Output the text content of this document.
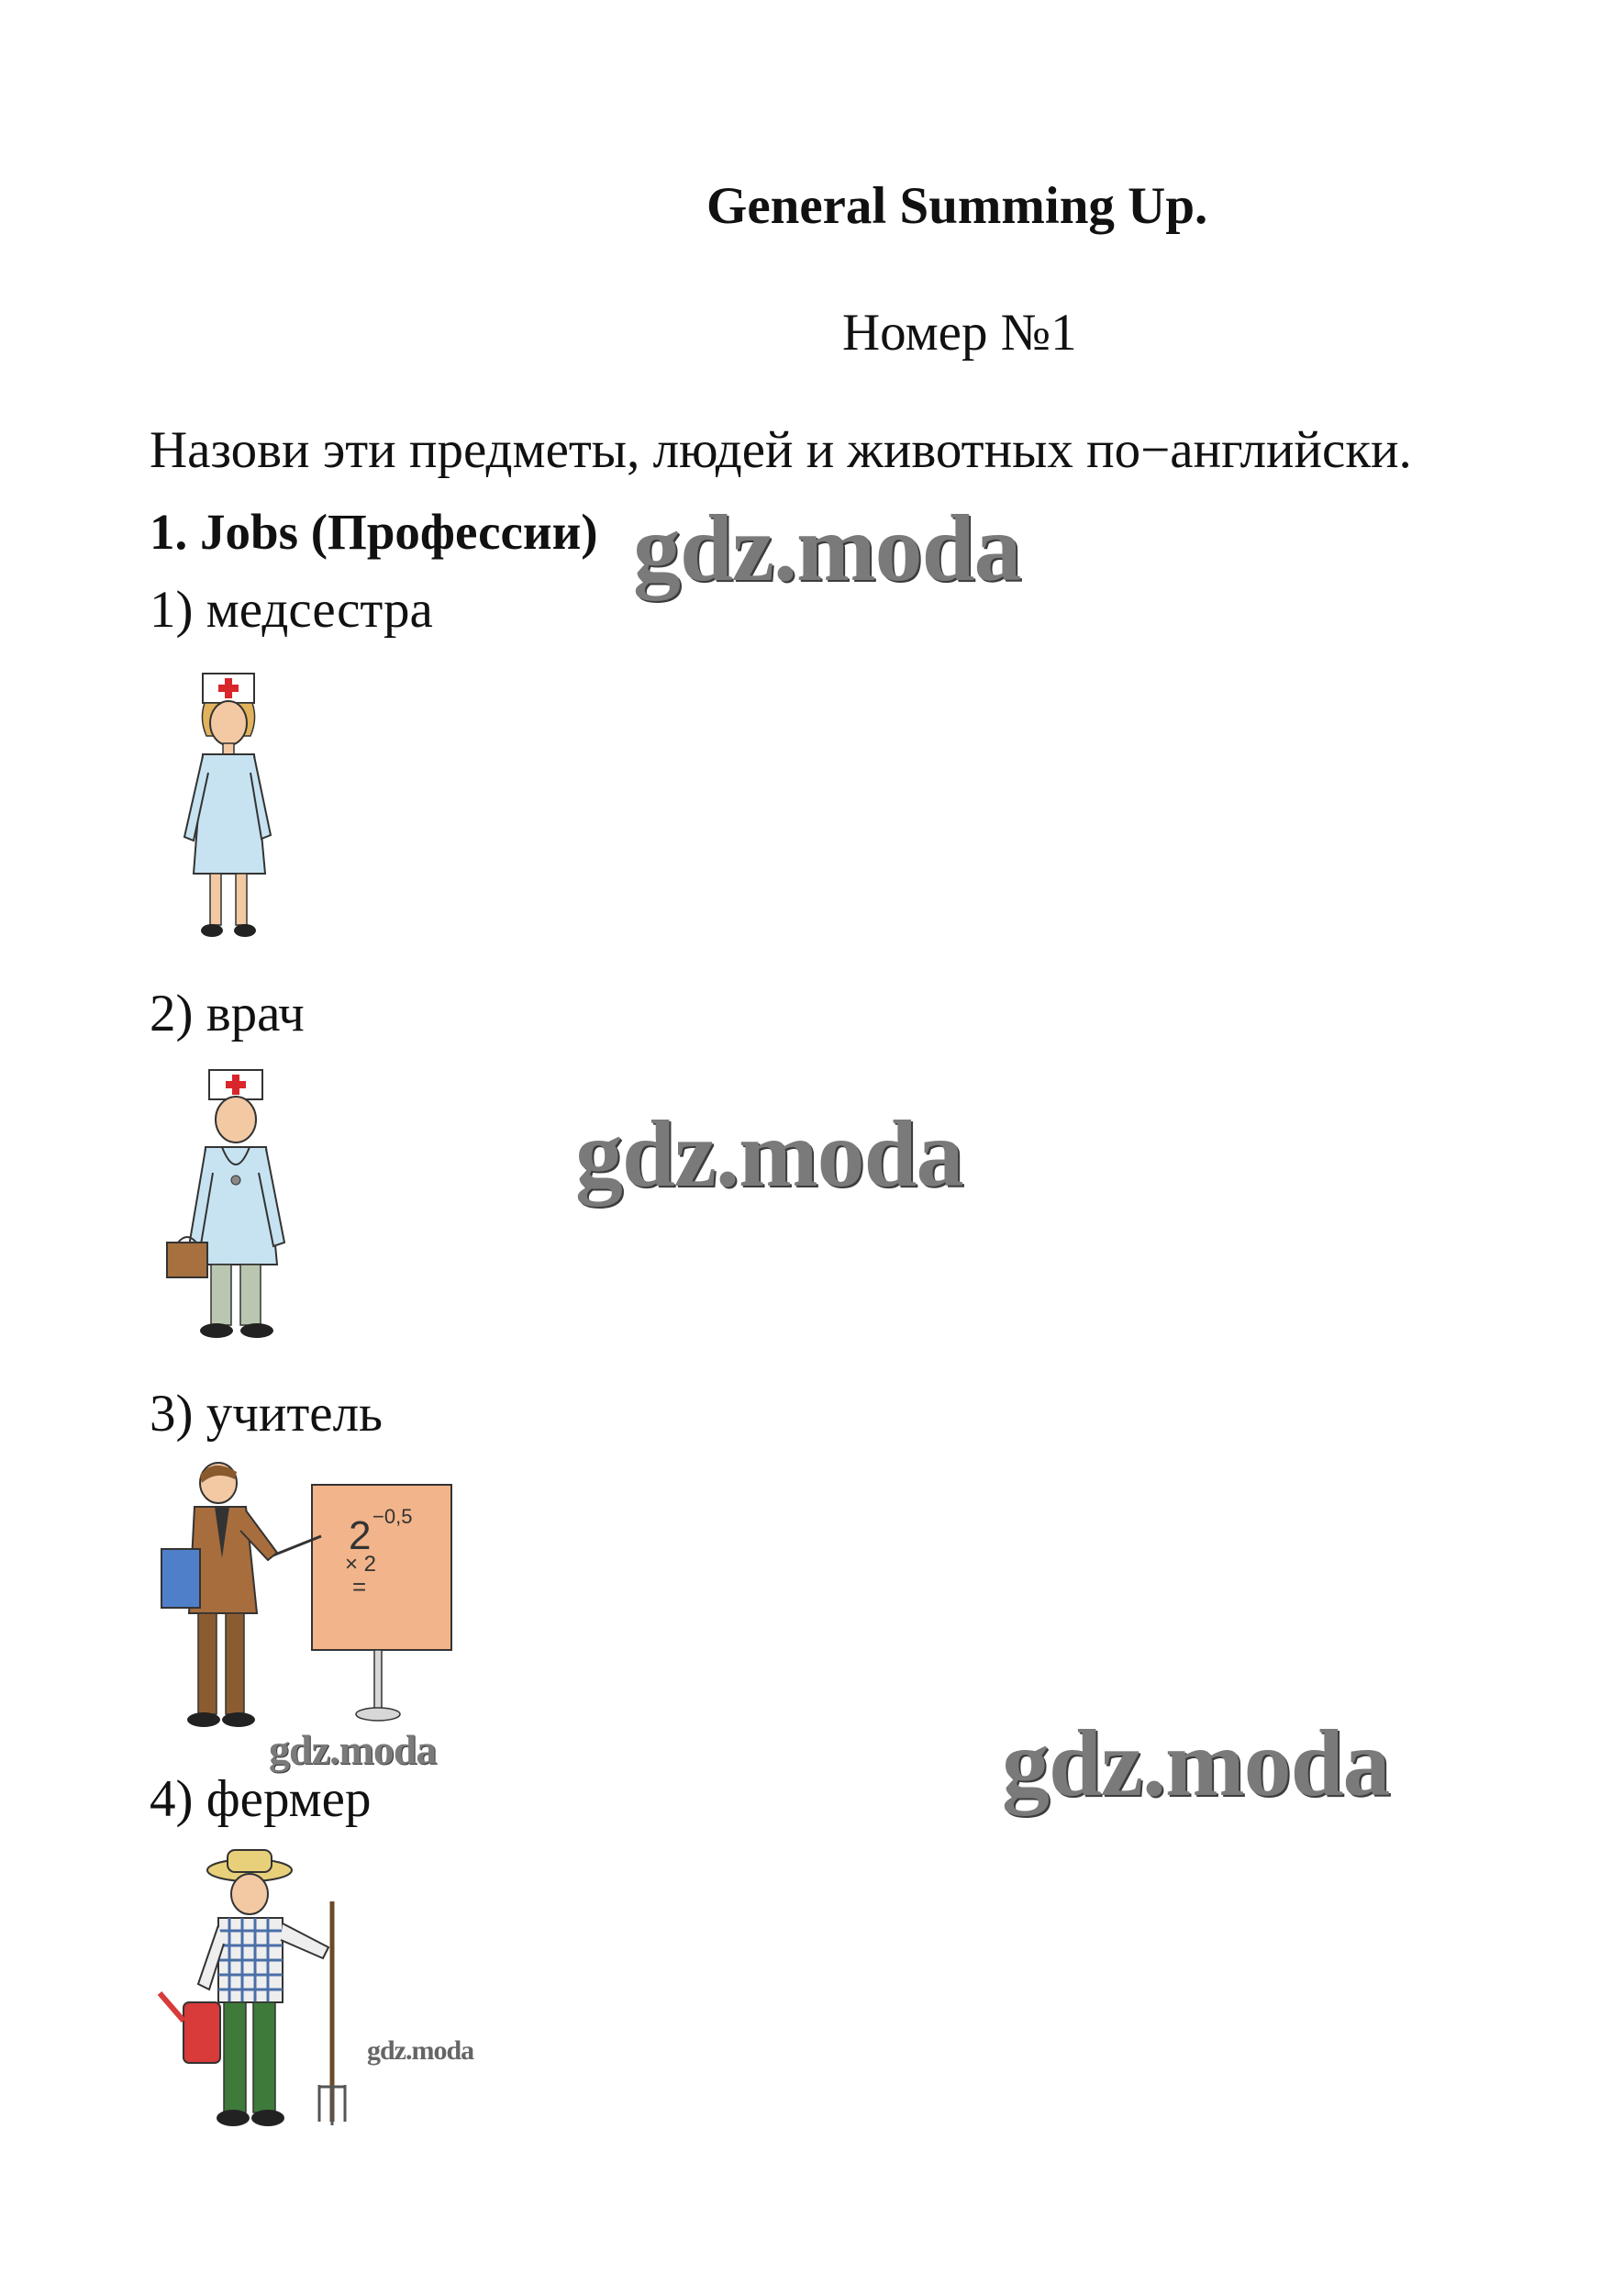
General Summing Up.
Номер №1
Назови эти предметы, людей и животных по−английски.
1. Jobs (Профессии) gdz.moda
gdz.moda
gdz.moda
gdz.moda
gdz.moda
1) медсестра
2) врач
3) учитель
2 −0,5
× 2
=
4) фермер
